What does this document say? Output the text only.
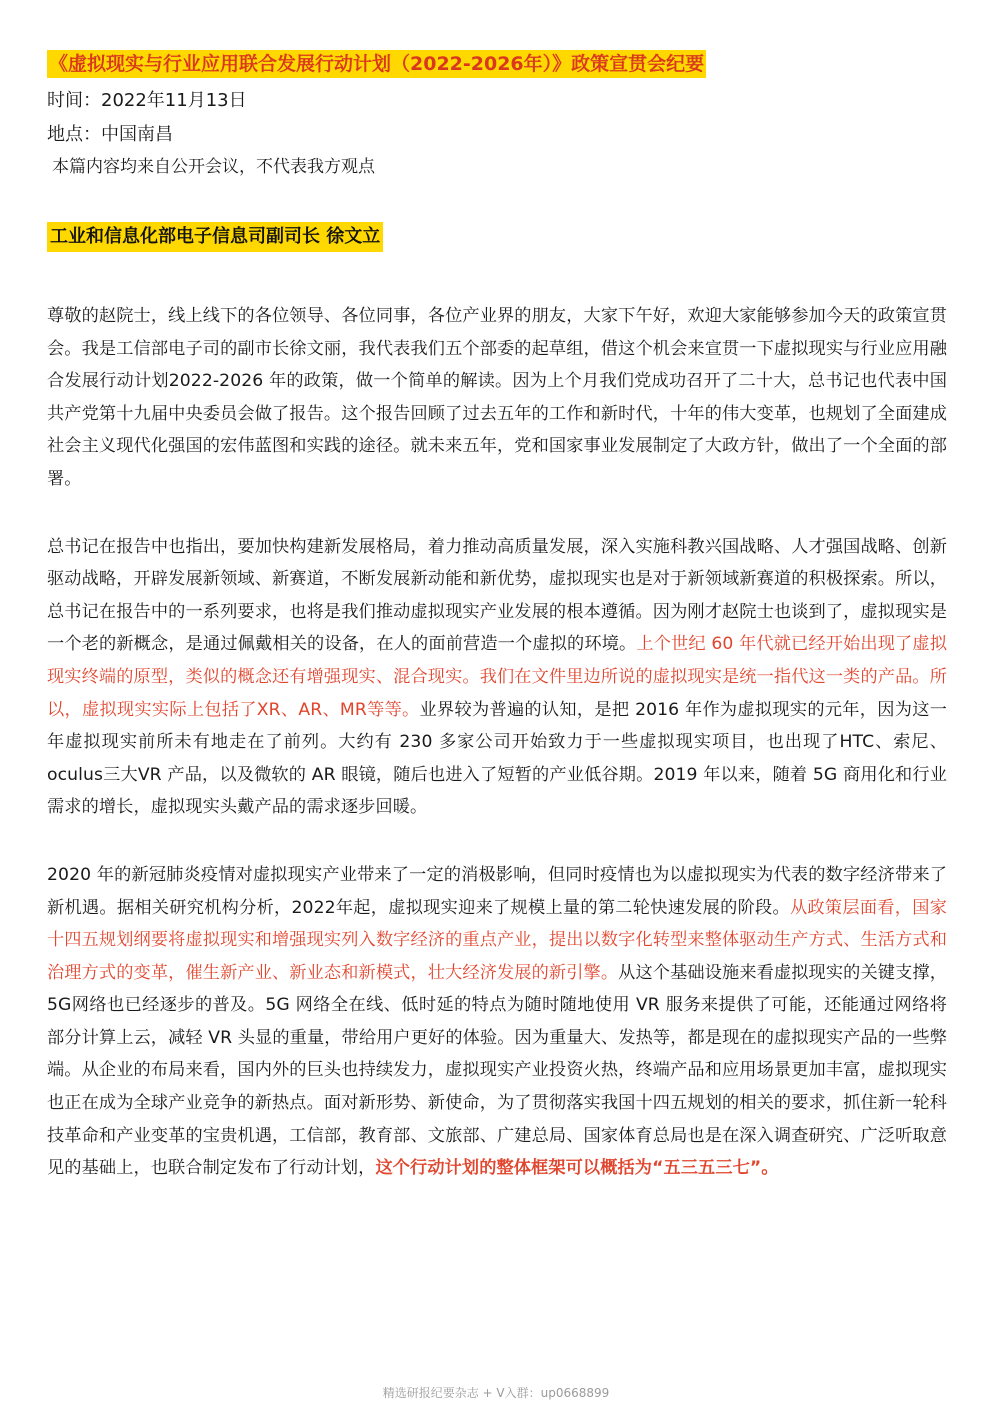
《虚拟现实与行业应用联合发展行动计划（2022-2026年）》政策宣贯会纪要

时间：2022年11月13日

地点：中国南昌

本篇内容均来自公开会议，不代表我方观点
工业和信息化部电子信息司副司长 徐文立

尊敬的赵院士，线上线下的各位领导、各位同事，各位产业界的朋友，大家下午好，欢迎大家能够参加今天的政策宣贯会。我是工信部电子司的副市长徐文丽，我代表我们五个部委的起草组，借这个机会来宣贯一下虚拟现实与行业应用融合发展行动计划2022-2026 年的政策，做一个简单的解读。因为上个月我们党成功召开了二十大，总书记也代表中国共产党第十九届中央委员会做了报告。这个报告回顾了过去五年的工作和新时代，十年的伟大变革，也规划了全面建成社会主义现代化强国的宏伟蓝图和实践的途径。就未来五年，党和国家事业发展制定了大政方针，做出了一个全面的部署。

总书记在报告中也指出，要加快构建新发展格局，着力推动高质量发展，深入实施科教兴国战略、人才强国战略、创新驱动战略，开辟发展新领域、新赛道，不断发展新动能和新优势，虚拟现实也是对于新领域新赛道的积极探索。所以，总书记在报告中的一系列要求，也将是我们推动虚拟现实产业发展的根本遵循。因为刚才赵院士也谈到了，虚拟现实是一个老的新概念，是通过佩戴相关的设备，在人的面前营造一个虚拟的环境。上个世纪 60 年代就已经开始出现了虚拟现实终端的原型，类似的概念还有增强现实、混合现实。我们在文件里边所说的虚拟现实是统一指代这一类的产品。所以，虚拟现实实际上包括了XR、AR、MR等等。业界较为普遍的认知，是把 2016 年作为虚拟现实的元年，因为这一年虚拟现实前所未有地走在了前列。大约有 230 多家公司开始致力于一些虚拟现实项目，也出现了HTC、索尼、 oculus三大VR 产品，以及微软的 AR 眼镜，随后也进入了短暂的产业低谷期。2019 年以来，随着 5G 商用化和行业需求的增长，虚拟现实头戴产品的需求逐步回暖。

2020 年的新冠肺炎疫情对虚拟现实产业带来了一定的消极影响，但同时疫情也为以虚拟现实为代表的数字经济带来了新机遇。据相关研究机构分析，2022年起，虚拟现实迎来了规模上量的第二轮快速发展的阶段。从政策层面看，国家十四五规划纲要将虚拟现实和增强现实列入数字经济的重点产业，提出以数字化转型来整体驱动生产方式、生活方式和治理方式的变革，催生新产业、新业态和新模式，壮大经济发展的新引擎。从这个基础设施来看虚拟现实的关键支撑，5G网络也已经逐步的普及。5G 网络全在线、低时延的特点为随时随地使用 VR 服务来提供了可能，还能通过网络将部分计算上云，减轻 VR 头显的重量，带给用户更好的体验。因为重量大、发热等，都是现在的虚拟现实产品的一些弊端。从企业的布局来看，国内外的巨头也持续发力，虚拟现实产业投资火热，终端产品和应用场景更加丰富，虚拟现实也正在成为全球产业竞争的新热点。面对新形势、新使命，为了贯彻落实我国十四五规划的相关的要求，抓住新一轮科技革命和产业变革的宝贵机遇，工信部，教育部、文旅部、广建总局、国家体育总局也是在深入调查研究、广泛听取意见的基础上，也联合制定发布了行动计划，这个行动计划的整体框架可以概括为“五三五三七”。

精选研报纪要杂志 + V入群：up0668899
